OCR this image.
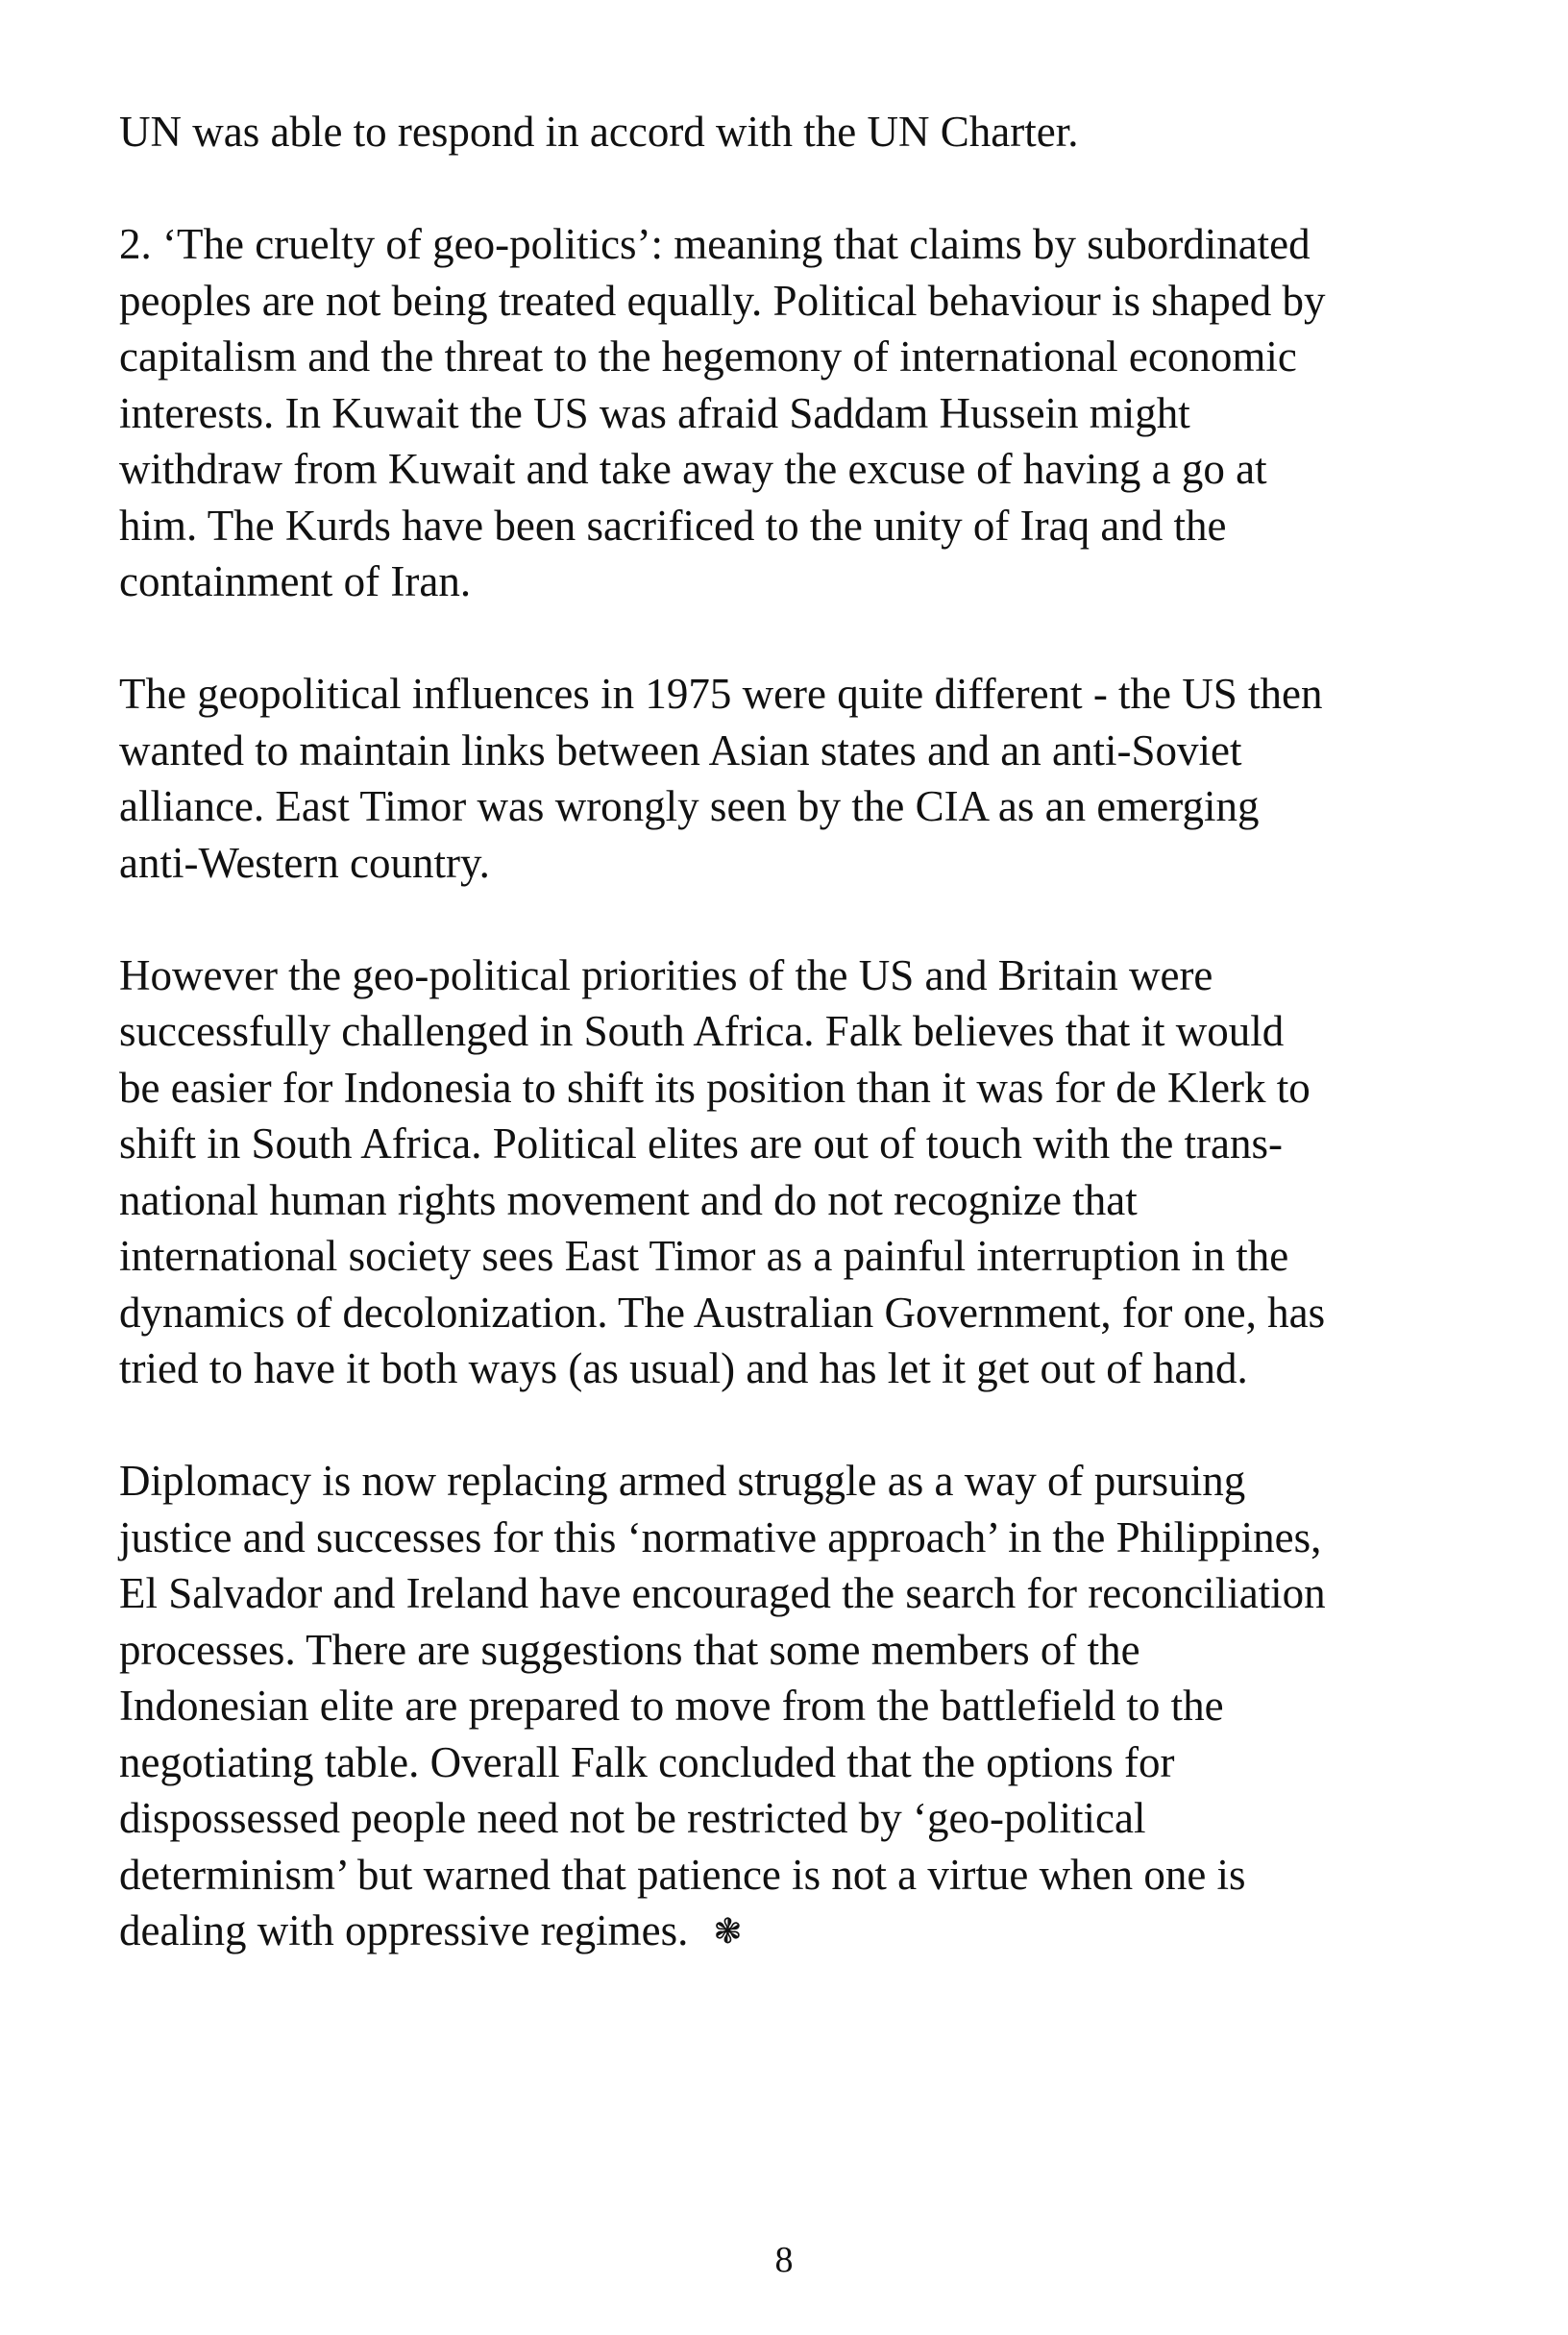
UN was able to respond in accord with the UN Charter.
2. ‘The cruelty of geo-politics’: meaning that claims by subordinated
peoples are not being treated equally. Political behaviour is shaped by
capitalism and the threat to the hegemony of international economic
interests. In Kuwait the US was afraid Saddam Hussein might
withdraw from Kuwait and take away the excuse of having a go at
him. The Kurds have been sacrificed to the unity of Iraq and the
containment of Iran.
The geopolitical influences in 1975 were quite different - the US then
wanted to maintain links between Asian states and an anti-Soviet
alliance. East Timor was wrongly seen by the CIA as an emerging
anti-Western country.
However the geo-political priorities of the US and Britain were
successfully challenged in South Africa. Falk believes that it would
be easier for Indonesia to shift its position than it was for de Klerk to
shift in South Africa. Political elites are out of touch with the trans-
national human rights movement and do not recognize that
international society sees East Timor as a painful interruption in the
dynamics of decolonization. The Australian Government, for one, has
tried to have it both ways (as usual) and has let it get out of hand.
Diplomacy is now replacing armed struggle as a way of pursuing
justice and successes for this ‘normative approach’ in the Philippines,
El Salvador and Ireland have encouraged the search for reconciliation
processes. There are suggestions that some members of the
Indonesian elite are prepared to move from the battlefield to the
negotiating table. Overall Falk concluded that the options for
dispossessed people need not be restricted by ‘geo-political
determinism’ but warned that patience is not a virtue when one is
dealing with oppressive regimes. ❃
8
